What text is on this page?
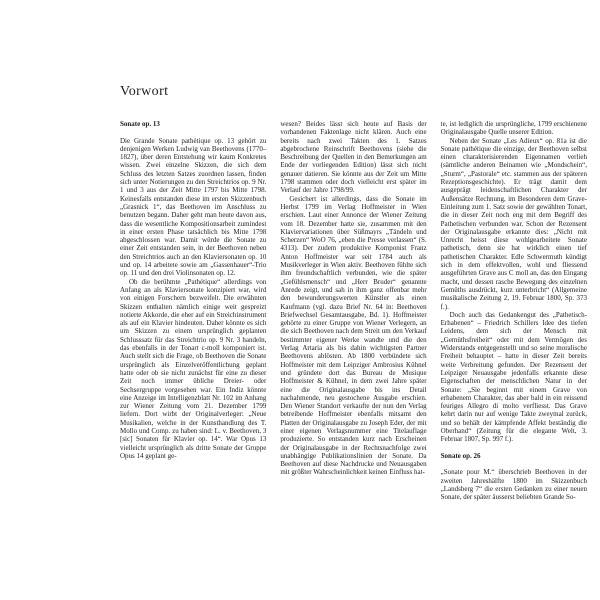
Vorwort
Sonate op. 13

Die Grande Sonate pathétique op. 13 gehört zu denjenigen Werken Ludwig van Beethovens (1770–1827), über deren Entstehung wir kaum Konkretes wissen. Zwei einzelne Skizzen, die sich dem Schluss des letzten Satzes zuordnen lassen, finden sich unter Notierungen zu den Streichtrios op. 9 Nr. 1 und 3 aus der Zeit Mitte 1797 bis Mitte 1798. Keinesfalls entstanden diese im ersten Skizzenbuch „Grasnick 1“, das Beethoven im Anschluss zu benutzen begann. Daher geht man heute davon aus, dass die wesentliche Kompositionsarbeit zumindest in einer ersten Phase tatsächlich bis Mitte 1798 abgeschlossen war. Damit würde die Sonate zu einer Zeit entstanden sein, in der Beethoven neben den Streichtrios auch an den Klaviersonaten op. 10 und op. 14 arbeitete sowie am „Gassenhauer“-Trio op. 11 und den drei Violinsonaten op. 12.

Ob die berühmte „Pathétique“ allerdings von Anfang an als Klaviersonate konzipiert war, wird von einigen Forschern bezweifelt. Die erwähnten Skizzen enthalten nämlich einige weit gespreizt notierte Akkorde, die eher auf ein Streichinstrument als auf ein Klavier hindeuten. Daher könnte es sich um Skizzen zu einem ursprünglich geplanten Schlusssatz für das Streichtrio op. 9 Nr. 3 handeln, das ebenfalls in der Tonart c-moll komponiert ist. Auch stellt sich die Frage, ob Beethoven die Sonate ursprünglich als Einzelveröffentlichung geplant hatte oder ob sie nicht zunächst für eine zu dieser Zeit noch immer übliche Dreier- oder Sechsergruppe vorgesehen war. Ein Indiz könnte eine Anzeige im Intelligenzblatt Nr. 102 im Anhang zur Wiener Zeitung vom 21. Dezember 1799 liefern. Dort wirbt der Originalverleger: „Neue Musikalien, welche in der Kunsthandlung des T. Mollo und Comp. zu haben sind: L. v. Beethoven, 3 [sic] Sonaten für Klavier op. 14“. War Opus 13 vielleicht ursprünglich als dritte Sonate der Gruppe Opus 14 geplant ge-

wesen? Beides lässt sich heute auf Basis der vorhandenen Faktenlage nicht klären. Auch eine bereits nach zwei Takten des 1. Satzes abgebrochene Reinschrift Beethovens (siehe die Beschreibung der Quellen in den Bemerkungen am Ende der vorliegenden Edition) lässt sich nicht genauer datieren. Sie könnte aus der Zeit um Mitte 1798 stammen oder doch vielleicht erst später im Verlauf der Jahre 1798/99.

Gesichert ist allerdings, dass die Sonate im Herbst 1799 im Verlag Hoffmeister in Wien erschien. Laut einer Annonce der Wiener Zeitung vom 18. Dezember hatte sie, zusammen mit den Klaviervariationen über Süßmayrs „Tändeln und Scherzen“ WoO 76, „eben die Presse verlassen“ (S. 4313). Der zudem produktive Komponist Franz Anton Hoffmeister war seit 1784 auch als Musikverleger in Wien aktiv. Beethoven fühlte sich ihm freundschaftlich verbunden, wie die später „Gefühlsmensch“ und „Herr Bruder“ genannte Anrede zeigt, und sah in ihm ganz offenbar mehr den bewunderungswerten Künstler als einen Kaufmann (vgl. dazu Brief Nr. 64 in: Beethoven Briefwechsel Gesamtausgabe, Bd. 1). Hoffmeister gehörte zu einer Gruppe von Wiener Verlegern, an die sich Beethoven nach dem Streit um den Verkauf bestimmter eigener Werke wandte und die den Verlag Artaria als bis dahin wichtigsten Partner Beethovens ablösten. Ab 1800 verbündete sich Hoffmeister mit dem Leipziger Ambrosius Kühnel und gründete dort das Bureau de Musique Hoffmeister & Kühnel, in dem zwei Jahre später eine die Originalausgabe bis ins Detail nachahmende, neu gestochene Ausgabe erschien. Den Wiener Standort verkaufte der nun den Verlag betreibende Hoffmeister ebenfalls mitsamt den Platten der Originalausgabe zu Joseph Eder, der mit einer eigenen Verlagsnummer eine Titelauflage produzierte. So entstanden kurz nach Erscheinen der Originalausgabe in der Rechtsnachfolge zwei unabhängige Publikationslinien der Sonate. Da Beethoven auf diese Nachdrucke und Neuausgaben mit größter Wahrscheinlichkeit keinen Einfluss hat-

te, ist lediglich die ursprüngliche, 1799 erschienene Originalausgabe Quelle unserer Edition.

Neben der Sonate „Les Adieux“ op. 81a ist die Sonate pathétique die einzige, der Beethoven selbst einen charakterisierenden Eigennamen verlieh (sämtliche anderen Beinamen wie „Mondschein“, „Sturm“, „Pastorale“ etc. stammen aus der späteren Rezeptionsgeschichte). Er trägt damit dem ausgeprägt leidenschaftlichen Charakter der Außensätze Rechnung, im Besonderen dem Grave-Einleitung zum 1. Satz sowie der gewählten Tonart, die in dieser Zeit noch eng mit dem Begriff des Pathetischen verbunden war. Schon der Rezensent der Originalausgabe erkannte dies: „Nicht mit Unrecht heisst diese wohlgearbeitete Sonate pathetisch, denn sie hat wirklich einen tief pathetischen Charakter. Edle Schwermuth kündigt sich in dem effektvollen, wohl und fliessend ausgeführten Grave aus C moll an, das den Eingang macht, und dessen rasche Bewegung des einzelnen Gemüths ausdrückt, kurz unterbricht“ (Allgemeine musikalische Zeitung 2, 19. Februar 1800, Sp. 373 f.).

Doch auch das Gedankengut des „Pathetisch-Erhabenen“ – Friedrich Schillers Idee des tiefen Leidens, dem sich der Mensch mit „Gemüthsfreiheit“ oder mit dem Vermögen des Widerstands entgegenstellt und so seine moralische Freiheit behauptet – hatte in dieser Zeit bereits weite Verbreitung gefunden. Der Rezensent der Leipziger Neuausgabe jedenfalls erkannte diese Eigenschaften der menschlichen Natur in der Sonate: „Sie beginnt mit einem Grave von erhabenem Charakter, das aber bald in ein reissend feuriges Allegro di molto verfliesst. Das Grave kehrt darin nur auf wenige Takte zweymal zurück, und so behält der kämpfende Affekt beständig die Oberhand“ (Zeitung für die elegante Welt, 3. Februar 1807, Sp. 997 f.).

Sonate op. 26

„Sonate pour M.“ überschrieb Beethoven in der zweiten Jahreshälfte 1800 im Skizzenbuch „Landsberg 7“ die ersten Gedanken zu einer neuen Sonate, der später äusserst beliebten Grande So-
